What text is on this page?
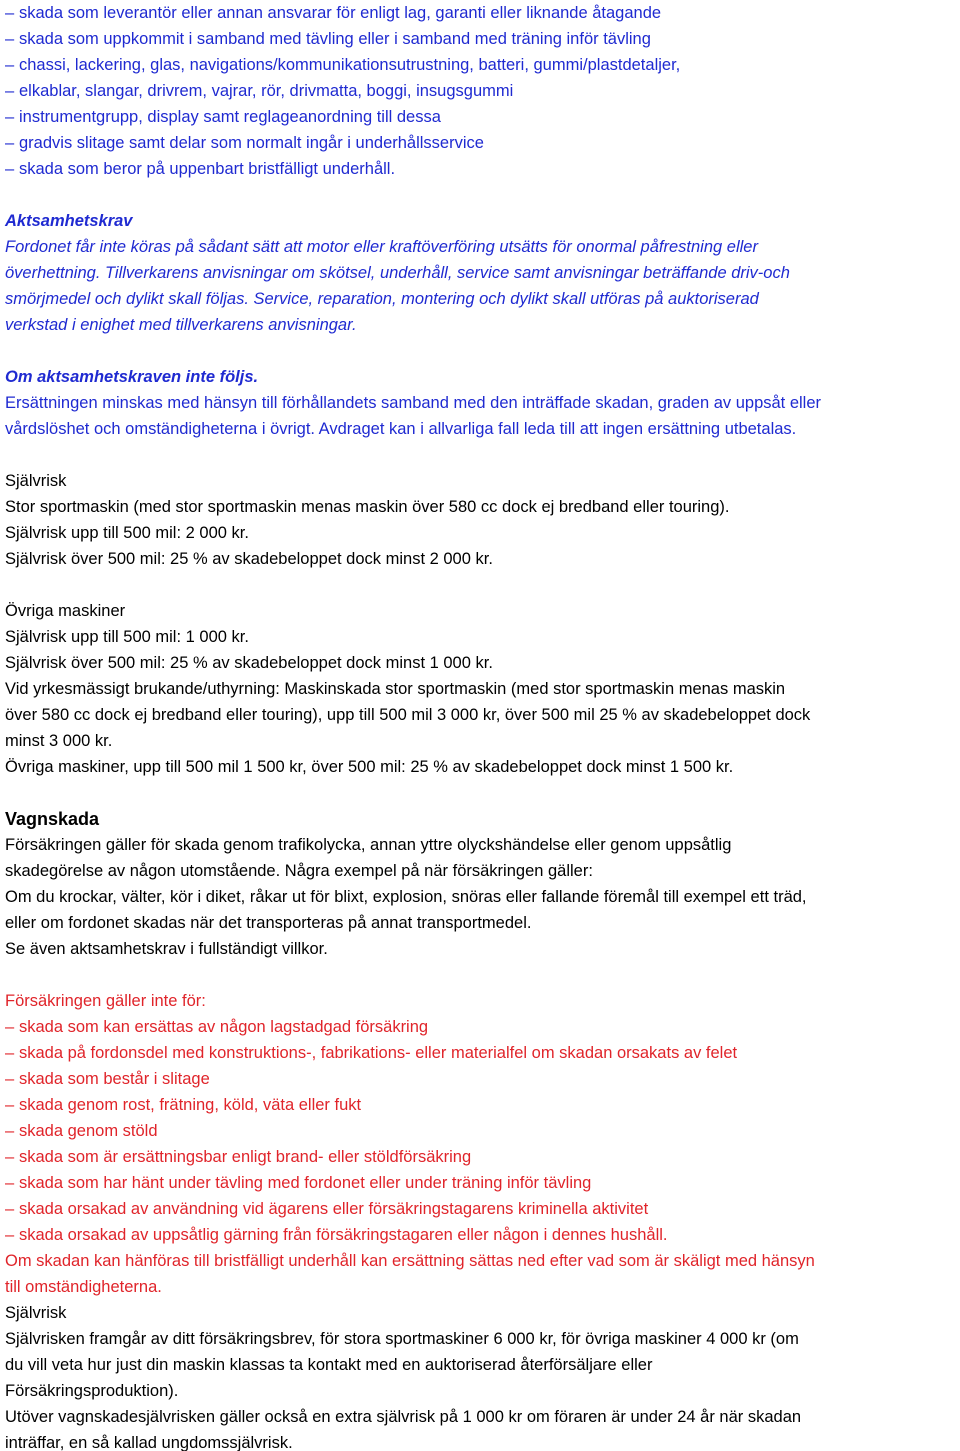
– skada som leverantör eller annan ansvarar för enligt lag, garanti eller liknande åtagande
– skada som uppkommit i samband med tävling eller i samband med träning inför tävling
– chassi, lackering, glas, navigations/kommunikationsutrustning, batteri, gummi/plastdetaljer,
– elkablar, slangar, drivrem, vajrar, rör, drivmatta, boggi, insugsgummi
– instrumentgrupp, display samt reglageanordning till dessa
– gradvis slitage samt delar som normalt ingår i underhållsservice
– skada som beror på uppenbart bristfälligt underhåll.
Aktsamhetskrav
Fordonet får inte köras på sådant sätt att motor eller kraftöverföring utsätts för onormal påfrestning eller
överhettning. Tillverkarens anvisningar om skötsel, underhåll, service samt anvisningar beträffande driv-och
smörjmedel och dylikt skall följas. Service, reparation, montering och dylikt skall utföras på auktoriserad
verkstad i enighet med tillverkarens anvisningar.
Om aktsamhetskraven inte följs.
Ersättningen minskas med hänsyn till förhållandets samband med den inträffade skadan, graden av uppsåt eller
vårdslöshet och omständigheterna i övrigt. Avdraget kan i allvarliga fall leda till att ingen ersättning utbetalas.
Självrisk
Stor sportmaskin (med stor sportmaskin menas maskin över 580 cc dock ej bredband eller touring).
Självrisk upp till 500 mil: 2 000 kr.
Självrisk över 500 mil: 25 % av skadebeloppet dock minst 2 000 kr.
Övriga maskiner
Självrisk upp till 500 mil: 1 000 kr.
Självrisk över 500 mil: 25 % av skadebeloppet dock minst 1 000 kr.
Vid yrkesmässigt brukande/uthyrning: Maskinskada stor sportmaskin (med stor sportmaskin menas maskin
över 580 cc dock ej bredband eller touring), upp till 500 mil 3 000 kr, över 500 mil 25 % av skadebeloppet dock
minst 3 000 kr.
Övriga maskiner, upp till 500 mil 1 500 kr, över 500 mil: 25 % av skadebeloppet dock minst 1 500 kr.
Vagnskada
Försäkringen gäller för skada genom trafikolycka, annan yttre olyckshändelse eller genom uppsåtlig
skadegörelse av någon utomstående. Några exempel på när försäkringen gäller:
Om du krockar, välter, kör i diket, råkar ut för blixt, explosion, snöras eller fallande föremål till exempel ett träd,
eller om fordonet skadas när det transporteras på annat transportmedel.
Se även aktsamhetskrav i fullständigt villkor.
Försäkringen gäller inte för:
– skada som kan ersättas av någon lagstadgad försäkring
– skada på fordonsdel med konstruktions-, fabrikations- eller materialfel om skadan orsakats av felet
– skada som består i slitage
– skada genom rost, frätning, köld, väta eller fukt
– skada genom stöld
– skada som är ersättningsbar enligt brand- eller stöldförsäkring
– skada som har hänt under tävling med fordonet eller under träning inför tävling
– skada orsakad av användning vid ägarens eller försäkringstagarens kriminella aktivitet
– skada orsakad av uppsåtlig gärning från försäkringstagaren eller någon i dennes hushåll.
Om skadan kan hänföras till bristfälligt underhåll kan ersättning sättas ned efter vad som är skäligt med hänsyn
till omständigheterna.
Självrisk
Självrisken framgår av ditt försäkringsbrev, för stora sportmaskiner 6 000 kr, för övriga maskiner 4 000 kr (om
du vill veta hur just din maskin klassas ta kontakt med en auktoriserad återförsäljare eller
Försäkringsproduktion).
Utöver vagnskadesjälvrisken gäller också en extra självrisk på 1 000 kr om föraren är under 24 år när skadan
inträffar, en så kallad ungdomssjälvrisk.
